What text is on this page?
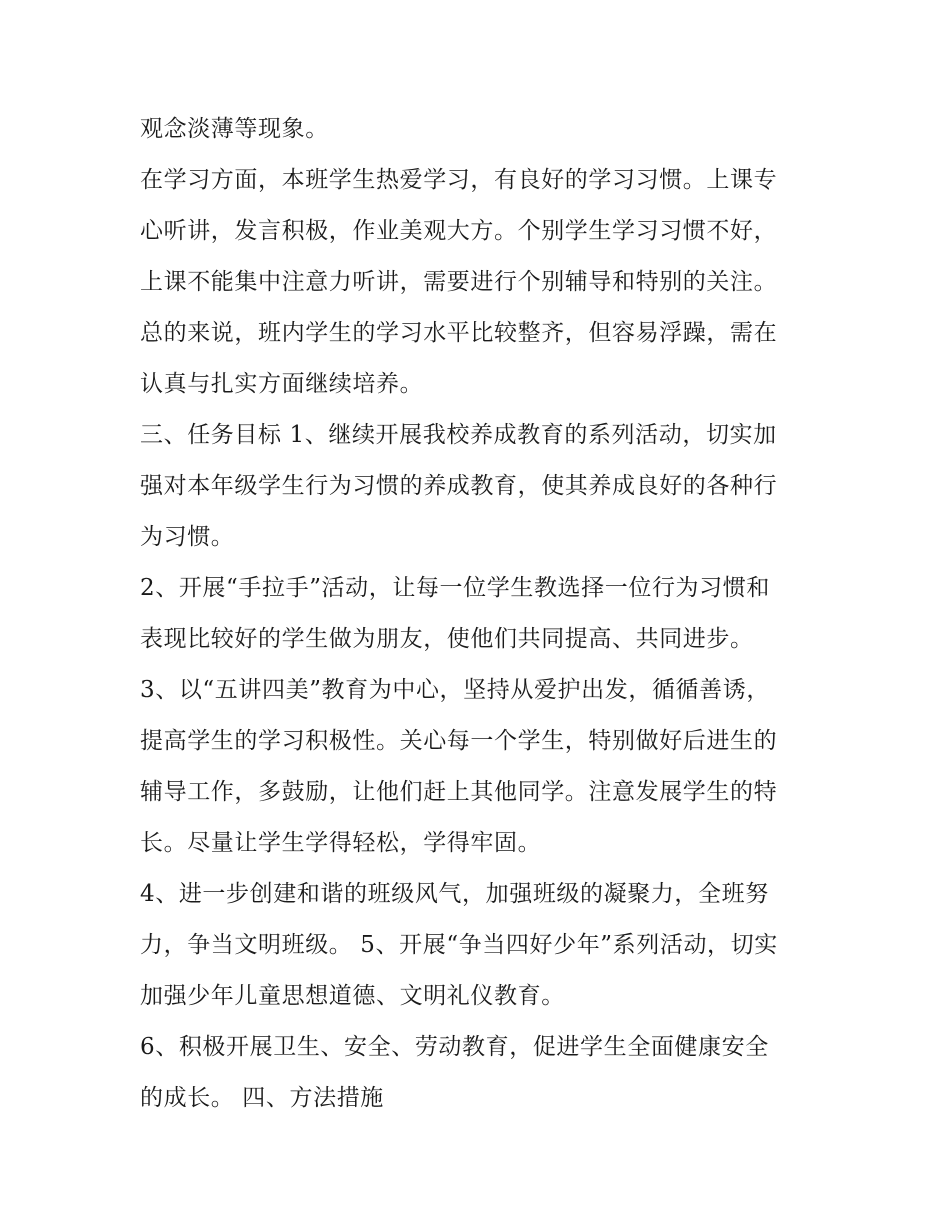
观念淡薄等现象。
在学习方面，本班学生热爱学习，有良好的学习习惯。上课专
心听讲，发言积极，作业美观大方。个别学生学习习惯不好，
上课不能集中注意力听讲，需要进行个别辅导和特别的关注。
总的来说，班内学生的学习水平比较整齐，但容易浮躁，需在
认真与扎实方面继续培养。
三、任务目标 1、继续开展我校养成教育的系列活动，切实加
强对本年级学生行为习惯的养成教育，使其养成良好的各种行
为习惯。
2、开展“手拉手”活动，让每一位学生教选择一位行为习惯和
表现比较好的学生做为朋友，使他们共同提高、共同进步。
3、以“五讲四美”教育为中心，坚持从爱护出发，循循善诱，
提高学生的学习积极性。关心每一个学生，特别做好后进生的
辅导工作，多鼓励，让他们赶上其他同学。注意发展学生的特
长。尽量让学生学得轻松，学得牢固。
4、进一步创建和谐的班级风气，加强班级的凝聚力，全班努
力，争当文明班级。 5、开展“争当四好少年”系列活动，切实
加强少年儿童思想道德、文明礼仪教育。
6、积极开展卫生、安全、劳动教育，促进学生全面健康安全
的成长。 四、方法措施
